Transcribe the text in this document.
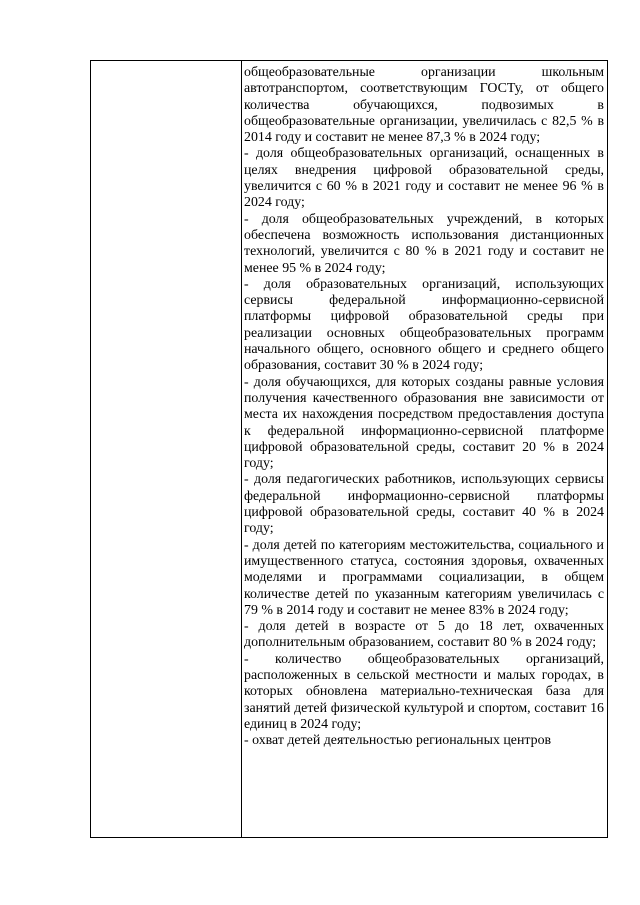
общеобразовательные организации школьным автотранспортом, соответствующим ГОСТу, от общего количества обучающихся, подвозимых в общеобразовательные организации, увеличилась с 82,5 % в 2014 году и составит не менее 87,3 % в 2024 году;

- доля общеобразовательных организаций, оснащенных в целях внедрения цифровой образовательной среды, увеличится с 60 % в 2021 году и составит не менее 96 % в 2024 году;

- доля общеобразовательных учреждений, в которых обеспечена возможность использования дистанционных технологий, увеличится с 80 % в 2021 году и составит не менее 95 % в 2024 году;

- доля образовательных организаций, использующих сервисы федеральной информационно-сервисной платформы цифровой образовательной среды при реализации основных общеобразовательных программ начального общего, основного общего и среднего общего образования, составит 30 % в 2024 году;

- доля обучающихся, для которых созданы равные условия получения качественного образования вне зависимости от места их нахождения посредством предоставления доступа к федеральной информационно-сервисной платформе цифровой образовательной среды, составит 20 % в 2024 году;

- доля педагогических работников, использующих сервисы федеральной информационно-сервисной платформы цифровой образовательной среды, составит 40 % в 2024 году;

- доля детей по категориям местожительства, социального и имущественного статуса, состояния здоровья, охваченных моделями и программами социализации, в общем количестве детей по указанным категориям увеличилась с 79 % в 2014 году и составит не менее 83% в 2024 году;

- доля детей в возрасте от 5 до 18 лет, охваченных дополнительным образованием, составит 80 % в 2024 году;

- количество общеобразовательных организаций, расположенных в сельской местности и малых городах, в которых обновлена материально-техническая база для занятий детей физической культурой и спортом, составит 16 единиц в 2024 году;

- охват детей деятельностью региональных центров
